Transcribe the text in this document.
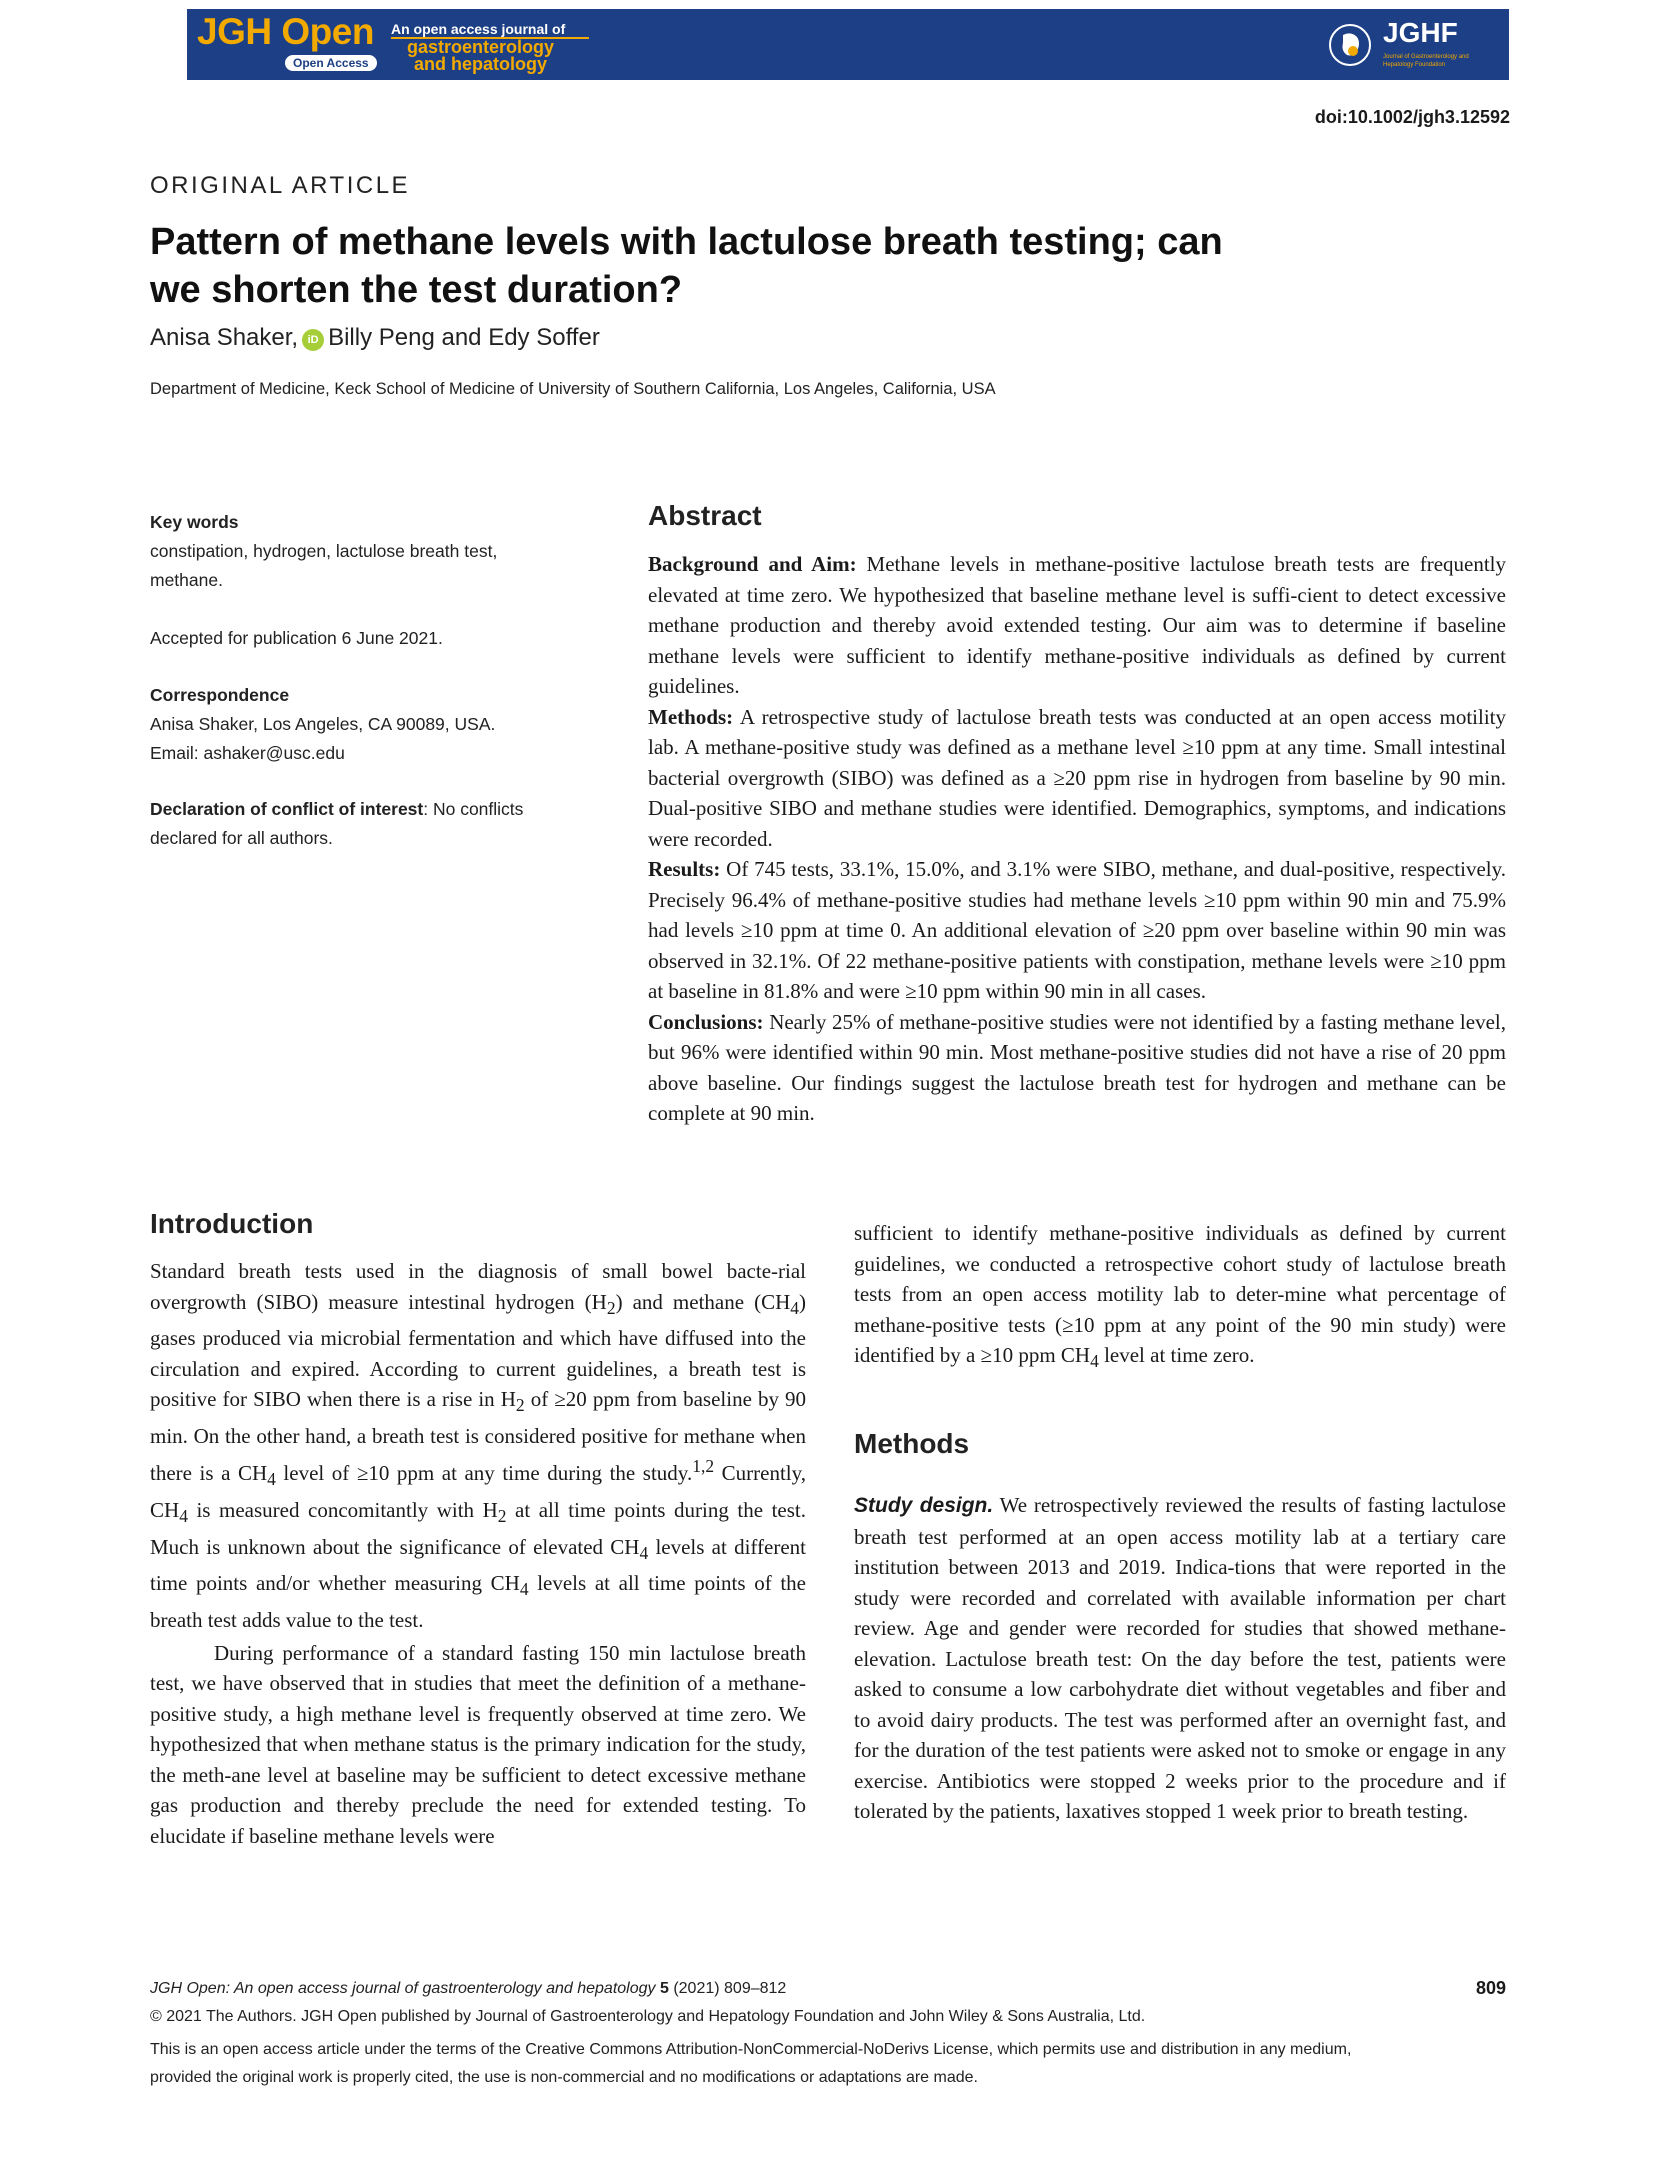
JGH Open
Open Access
An open access journal of
gastroenterology
and hepatology
JGHF
Journal of Gastroenterology and Hepatology Foundation
doi:10.1002/jgh3.12592
ORIGINAL ARTICLE
Pattern of methane levels with lactulose breath testing; can
we shorten the test duration?
Anisa Shaker, iD Billy Peng and Edy Soffer
Department of Medicine, Keck School of Medicine of University of Southern California, Los Angeles, California, USA
Key words
constipation, hydrogen, lactulose breath test, methane.
Accepted for publication 6 June 2021.
Correspondence
Anisa Shaker, Los Angeles, CA 90089, USA.
Email: ashaker@usc.edu
Declaration of conflict of interest: No conflicts declared for all authors.
Abstract

Background and Aim: Methane levels in methane-positive lactulose breath tests are frequently elevated at time zero. We hypothesized that baseline methane level is suffi-cient to detect excessive methane production and thereby avoid extended testing. Our aim was to determine if baseline methane levels were sufficient to identify methane-positive individuals as defined by current guidelines.

Methods: A retrospective study of lactulose breath tests was conducted at an open access motility lab. A methane-positive study was defined as a methane level ≥10 ppm at any time. Small intestinal bacterial overgrowth (SIBO) was defined as a ≥20 ppm rise in hydrogen from baseline by 90 min. Dual-positive SIBO and methane studies were identified. Demographics, symptoms, and indications were recorded.

Results: Of 745 tests, 33.1%, 15.0%, and 3.1% were SIBO, methane, and dual-positive, respectively. Precisely 96.4% of methane-positive studies had methane levels ≥10 ppm within 90 min and 75.9% had levels ≥10 ppm at time 0. An additional elevation of ≥20 ppm over baseline within 90 min was observed in 32.1%. Of 22 methane-positive patients with constipation, methane levels were ≥10 ppm at baseline in 81.8% and were ≥10 ppm within 90 min in all cases.

Conclusions: Nearly 25% of methane-positive studies were not identified by a fasting methane level, but 96% were identified within 90 min. Most methane-positive studies did not have a rise of 20 ppm above baseline. Our findings suggest the lactulose breath test for hydrogen and methane can be complete at 90 min.

Introduction

Standard breath tests used in the diagnosis of small bowel bacte-rial overgrowth (SIBO) measure intestinal hydrogen $(H_2)$ and methane $(CH_4)$ gases produced via microbial fermentation and which have diffused into the circulation and expired. According to current guidelines, a breath test is positive for SIBO when there is a rise in $H_2$ of ≥20 ppm from baseline by 90 min. On the other hand, a breath test is considered positive for methane when there is a $CH_4$ level of ≥10 ppm at any time during the study.$^{1,2}$ Currently, $CH_4$ is measured concomitantly with $H_2$ at all time points during the test. Much is unknown about the significance of elevated $CH_4$ levels at different time points and/or whether measuring $CH_4$ levels at all time points of the breath test adds value to the test.

During performance of a standard fasting 150 min lactulose breath test, we have observed that in studies that meet the definition of a methane-positive study, a high methane level is frequently observed at time zero. We hypothesized that when methane status is the primary indication for the study, the meth-ane level at baseline may be sufficient to detect excessive methane gas production and thereby preclude the need for extended testing. To elucidate if baseline methane levels were

sufficient to identify methane-positive individuals as defined by current guidelines, we conducted a retrospective cohort study of lactulose breath tests from an open access motility lab to deter-mine what percentage of methane-positive tests (≥10 ppm at any point of the 90 min study) were identified by a ≥10 ppm $CH_4$ level at time zero.
Methods
Study design. We retrospectively reviewed the results of fasting lactulose breath test performed at an open access motility lab at a tertiary care institution between 2013 and 2019. Indica-tions that were reported in the study were recorded and correlated with available information per chart review. Age and gender were recorded for studies that showed methane-elevation. Lactulose breath test: On the day before the test, patients were asked to consume a low carbohydrate diet without vegetables and fiber and to avoid dairy products. The test was performed after an overnight fast, and for the duration of the test patients were asked not to smoke or engage in any exercise. Antibiotics were stopped 2 weeks prior to the procedure and if tolerated by the patients, laxatives stopped 1 week prior to breath testing.
JGH Open: An open access journal of gastroenterology and hepatology 5 (2021) 809–812	809
© 2021 The Authors. JGH Open published by Journal of Gastroenterology and Hepatology Foundation and John Wiley & Sons Australia, Ltd.
This is an open access article under the terms of the Creative Commons Attribution-NonCommercial-NoDerivs License, which permits use and distribution in any medium,
provided the original work is properly cited, the use is non-commercial and no modifications or adaptations are made.
